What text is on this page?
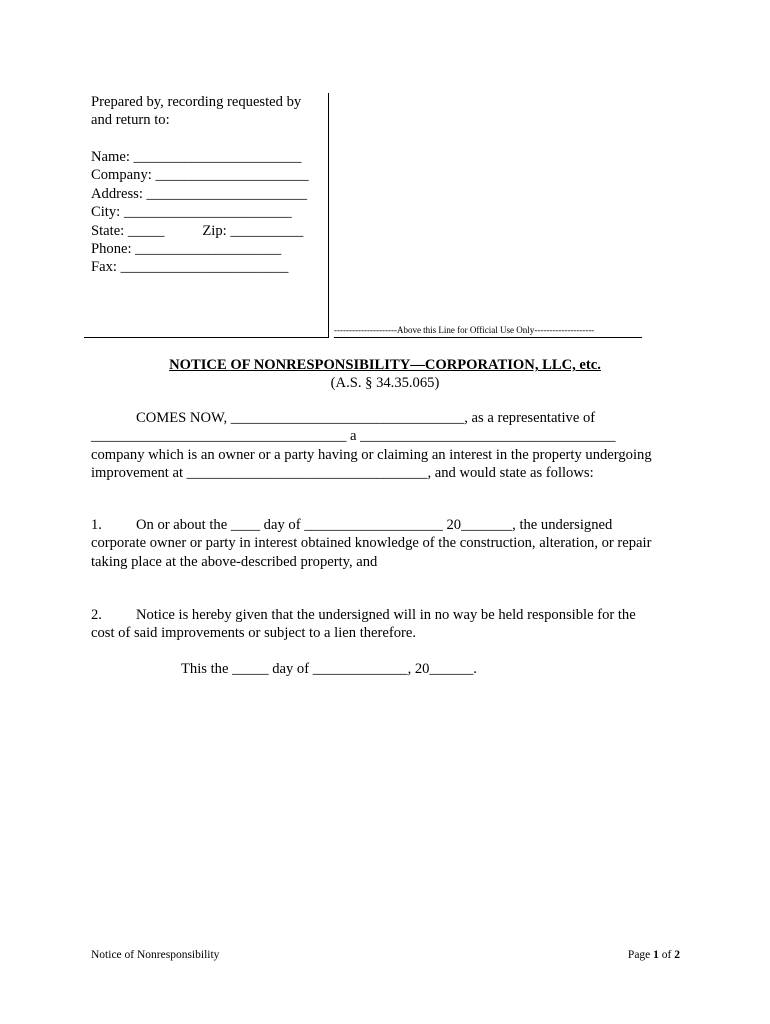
Prepared by, recording requested by
and return to:
Name: _______________________
Company: _____________________
Address: ______________________
City: _______________________
State: _____	Zip: __________
Phone: ____________________
Fax: _______________________
---------------------Above this Line for Official Use Only--------------------
NOTICE OF NONRESPONSIBILITY—CORPORATION, LLC, etc.
(A.S. § 34.35.065)
COMES NOW, ________________________________, as a representative of
___________________________________ a ___________________________________
company which is an owner or a party having or claiming an interest in the property undergoing
improvement at _________________________________, and would state as follows:
1. On or about the ____ day of ___________________ 20_______, the undersigned
corporate owner or party in interest obtained knowledge of the construction, alteration, or repair
taking place at the above-described property, and
2. Notice is hereby given that the undersigned will in no way be held responsible for the
cost of said improvements or subject to a lien therefore.
This the _____ day of _____________, 20______.
Notice of Nonresponsibility	Page 1 of 2
